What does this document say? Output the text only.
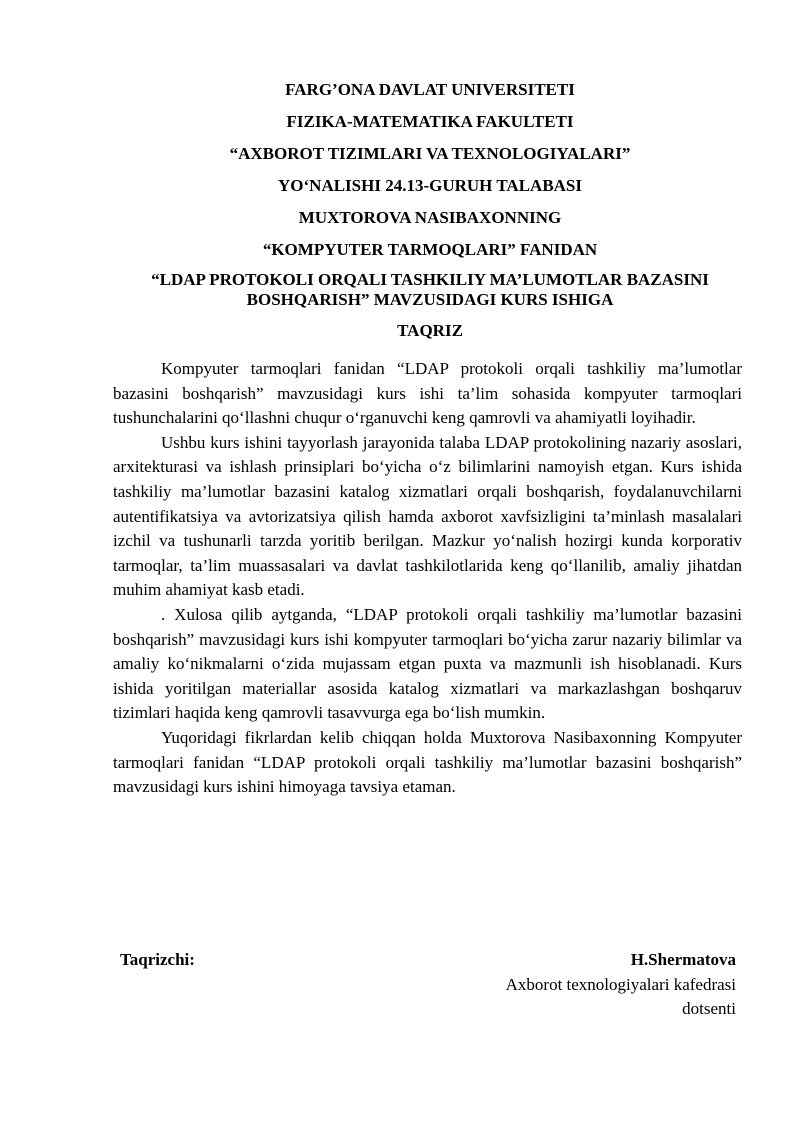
FARG’ONA DAVLAT UNIVERSITETI
FIZIKA-MATEMATIKA FAKULTETI
“AXBOROT TIZIMLARI VA TEXNOLOGIYALARI”
YO‘NALISHI 24.13-GURUH TALABASI
MUXTOROVA NASIBAXONNING
“KOMPYUTER TARMOQLARI” FANIDAN
“LDAP PROTOKOLI ORQALI TASHKILIY MA’LUMOTLAR BAZASINI BOSHQARISH” MAVZUSIDAGI KURS ISHIGA
TAQRIZ

Kompyuter tarmoqlari fanidan “LDAP protokoli orqali tashkiliy ma’lumotlar bazasini boshqarish” mavzusidagi kurs ishi ta’lim sohasida kompyuter tarmoqlari tushunchalarini qo‘llashni chuqur o‘rganuvchi keng qamrovli va ahamiyatli loyihadir.

Ushbu kurs ishini tayyorlash jarayonida talaba LDAP protokolining nazariy asoslari, arxitekturasi va ishlash prinsiplari bo‘yicha o‘z bilimlarini namoyish etgan. Kurs ishida tashkiliy ma’lumotlar bazasini katalog xizmatlari orqali boshqarish, foydalanuvchilarni autentifikatsiya va avtorizatsiya qilish hamda axborot xavfsizligini ta’minlash masalalari izchil va tushunarli tarzda yoritib berilgan. Mazkur yo‘nalish hozirgi kunda korporativ tarmoqlar, ta’lim muassasalari va davlat tashkilotlarida keng qo‘llanilib, amaliy jihatdan muhim ahamiyat kasb etadi.

. Xulosa qilib aytganda, “LDAP protokoli orqali tashkiliy ma’lumotlar bazasini boshqarish” mavzusidagi kurs ishi kompyuter tarmoqlari bo‘yicha zarur nazariy bilimlar va amaliy ko‘nikmalarni o‘zida mujassam etgan puxta va mazmunli ish hisoblanadi. Kurs ishida yoritilgan materiallar asosida katalog xizmatlari va markazlashgan boshqaruv tizimlari haqida keng qamrovli tasavvurga ega bo‘lish mumkin.

Yuqoridagi fikrlardan kelib chiqqan holda Muxtorova Nasibaxonning Kompyuter tarmoqlari fanidan “LDAP protokoli orqali tashkiliy ma’lumotlar bazasini boshqarish” mavzusidagi kurs ishini himoyaga tavsiya etaman.

Taqrizchi:	H.Shermatova
Axborot texnologiyalari kafedrasi
dotsenti
